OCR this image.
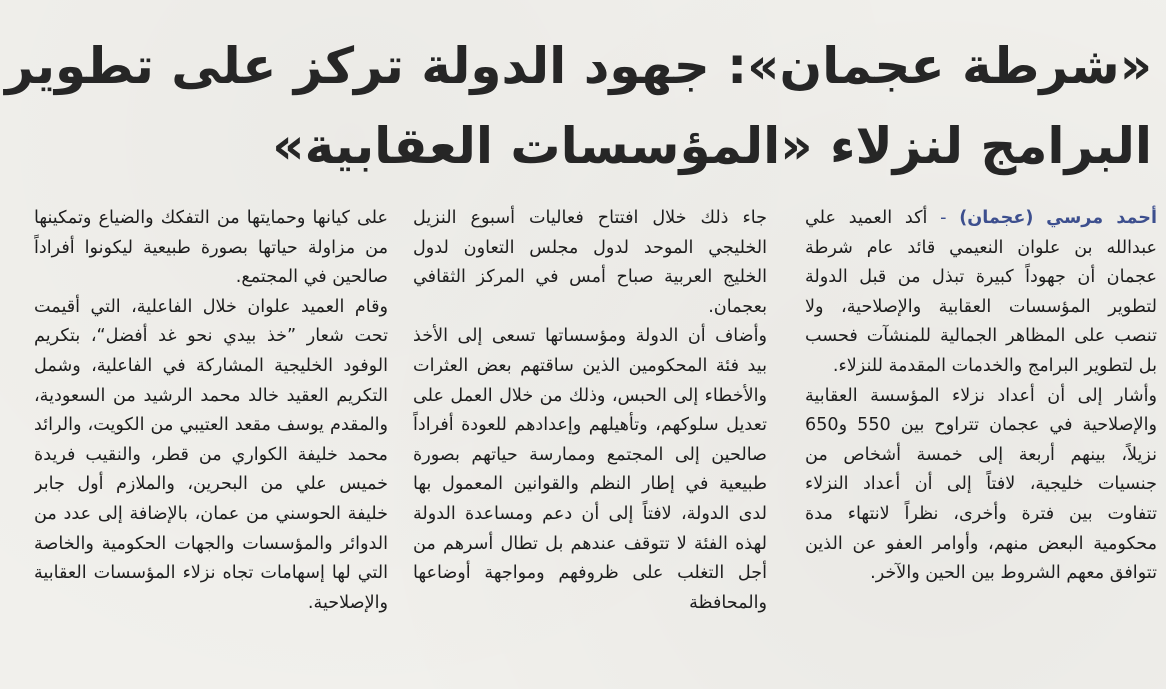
«شرطة عجمان»: جهود الدولة تركز على تطوير
البرامج لنزلاء «المؤسسات العقابية»

أحمد مرسي (عجمان) - أكد العميد علي عبدالله بن علوان النعيمي قائد عام شرطة عجمان أن جهوداً كبيرة تبذل من قبل الدولة لتطوير المؤسسات العقابية والإصلاحية، ولا تنصب على المظاهر الجمالية للمنشآت فحسب بل لتطوير البرامج والخدمات المقدمة للنزلاء.

وأشار إلى أن أعداد نزلاء المؤسسة العقابية والإصلاحية في عجمان تتراوح بين 550 و650 نزيلاً، بينهم أربعة إلى خمسة أشخاص من جنسيات خليجية، لافتاً إلى أن أعداد النزلاء تتفاوت بين فترة وأخرى، نظراً لانتهاء مدة محكومية البعض منهم، وأوامر العفو عن الذين تتوافق معهم الشروط بين الحين والآخر.

جاء ذلك خلال افتتاح فعاليات أسبوع النزيل الخليجي الموحد لدول مجلس التعاون لدول الخليج العربية صباح أمس في المركز الثقافي بعجمان.

وأضاف أن الدولة ومؤسساتها تسعى إلى الأخذ بيد فئة المحكومين الذين ساقتهم بعض العثرات والأخطاء إلى الحبس، وذلك من خلال العمل على تعديل سلوكهم، وتأهيلهم وإعدادهم للعودة أفراداً صالحين إلى المجتمع وممارسة حياتهم بصورة طبيعية في إطار النظم والقوانين المعمول بها لدى الدولة، لافتاً إلى أن دعم ومساعدة الدولة لهذه الفئة لا تتوقف عندهم بل تطال أسرهم من أجل التغلب على ظروفهم ومواجهة أوضاعها والمحافظة

على كيانها وحمايتها من التفكك والضياع وتمكينها من مزاولة حياتها بصورة طبيعية ليكونوا أفراداً صالحين في المجتمع.

وقام العميد علوان خلال الفاعلية، التي أقيمت تحت شعار ”خذ بيدي نحو غد أفضل“، بتكريم الوفود الخليجية المشاركة في الفاعلية، وشمل التكريم العقيد خالد محمد الرشيد من السعودية، والمقدم يوسف مقعد العتيبي من الكويت، والرائد محمد خليفة الكواري من قطر، والنقيب فريدة خميس علي من البحرين، والملازم أول جابر خليفة الحوسني من عمان، بالإضافة إلى عدد من الدوائر والمؤسسات والجهات الحكومية والخاصة التي لها إسهامات تجاه نزلاء المؤسسات العقابية والإصلاحية.
